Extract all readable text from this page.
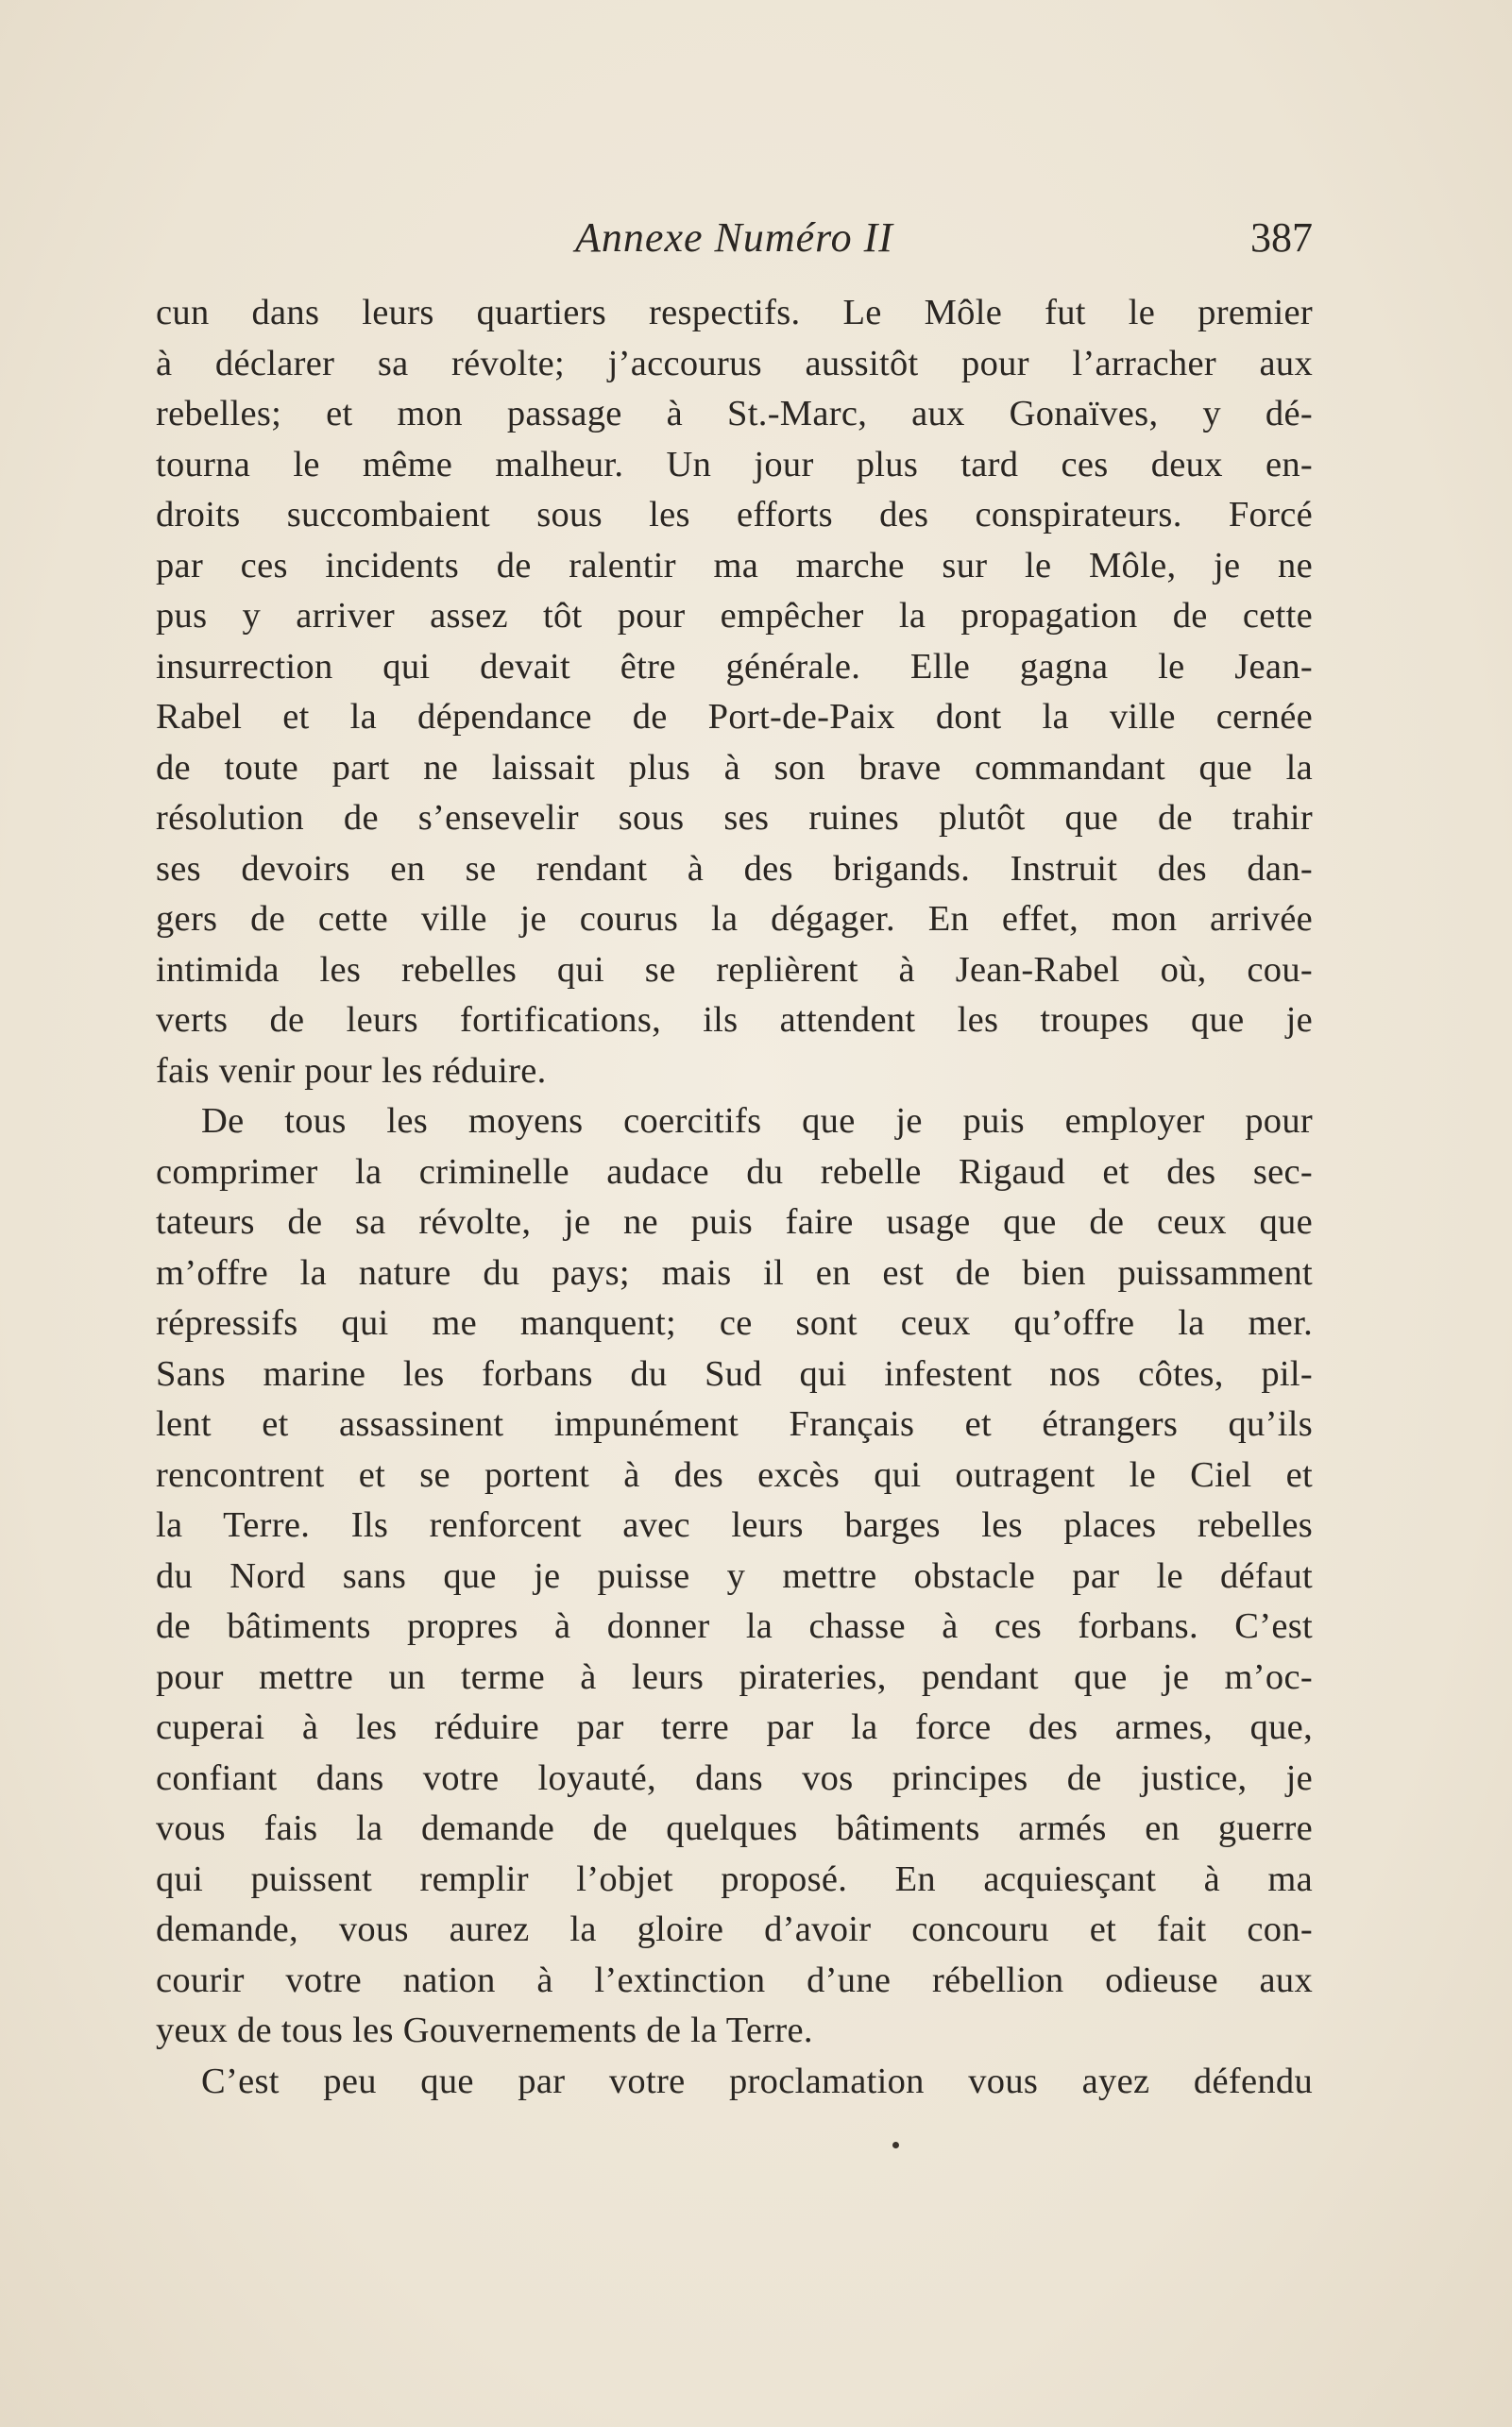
Annexe Numéro II	387
cun dans leurs quartiers respectifs. Le Môle fut le premier
à déclarer sa révolte; j’accourus aussitôt pour l’arracher aux
rebelles; et mon passage à St.-Marc, aux Gonaïves, y dé-
tourna le même malheur. Un jour plus tard ces deux en-
droits succombaient sous les efforts des conspirateurs. Forcé
par ces incidents de ralentir ma marche sur le Môle, je ne
pus y arriver assez tôt pour empêcher la propagation de cette
insurrection qui devait être générale. Elle gagna le Jean-
Rabel et la dépendance de Port-de-Paix dont la ville cernée
de toute part ne laissait plus à son brave commandant que la
résolution de s’ensevelir sous ses ruines plutôt que de trahir
ses devoirs en se rendant à des brigands. Instruit des dan-
gers de cette ville je courus la dégager. En effet, mon arrivée
intimida les rebelles qui se replièrent à Jean-Rabel où, cou-
verts de leurs fortifications, ils attendent les troupes que je
fais venir pour les réduire.
De tous les moyens coercitifs que je puis employer pour
comprimer la criminelle audace du rebelle Rigaud et des sec-
tateurs de sa révolte, je ne puis faire usage que de ceux que
m’offre la nature du pays; mais il en est de bien puissamment
répressifs qui me manquent; ce sont ceux qu’offre la mer.
Sans marine les forbans du Sud qui infestent nos côtes, pil-
lent et assassinent impunément Français et étrangers qu’ils
rencontrent et se portent à des excès qui outragent le Ciel et
la Terre. Ils renforcent avec leurs barges les places rebelles
du Nord sans que je puisse y mettre obstacle par le défaut
de bâtiments propres à donner la chasse à ces forbans. C’est
pour mettre un terme à leurs pirateries, pendant que je m’oc-
cuperai à les réduire par terre par la force des armes, que,
confiant dans votre loyauté, dans vos principes de justice, je
vous fais la demande de quelques bâtiments armés en guerre
qui puissent remplir l’objet proposé. En acquiesçant à ma
demande, vous aurez la gloire d’avoir concouru et fait con-
courir votre nation à l’extinction d’une rébellion odieuse aux
yeux de tous les Gouvernements de la Terre.
C’est peu que par votre proclamation vous ayez défendu
